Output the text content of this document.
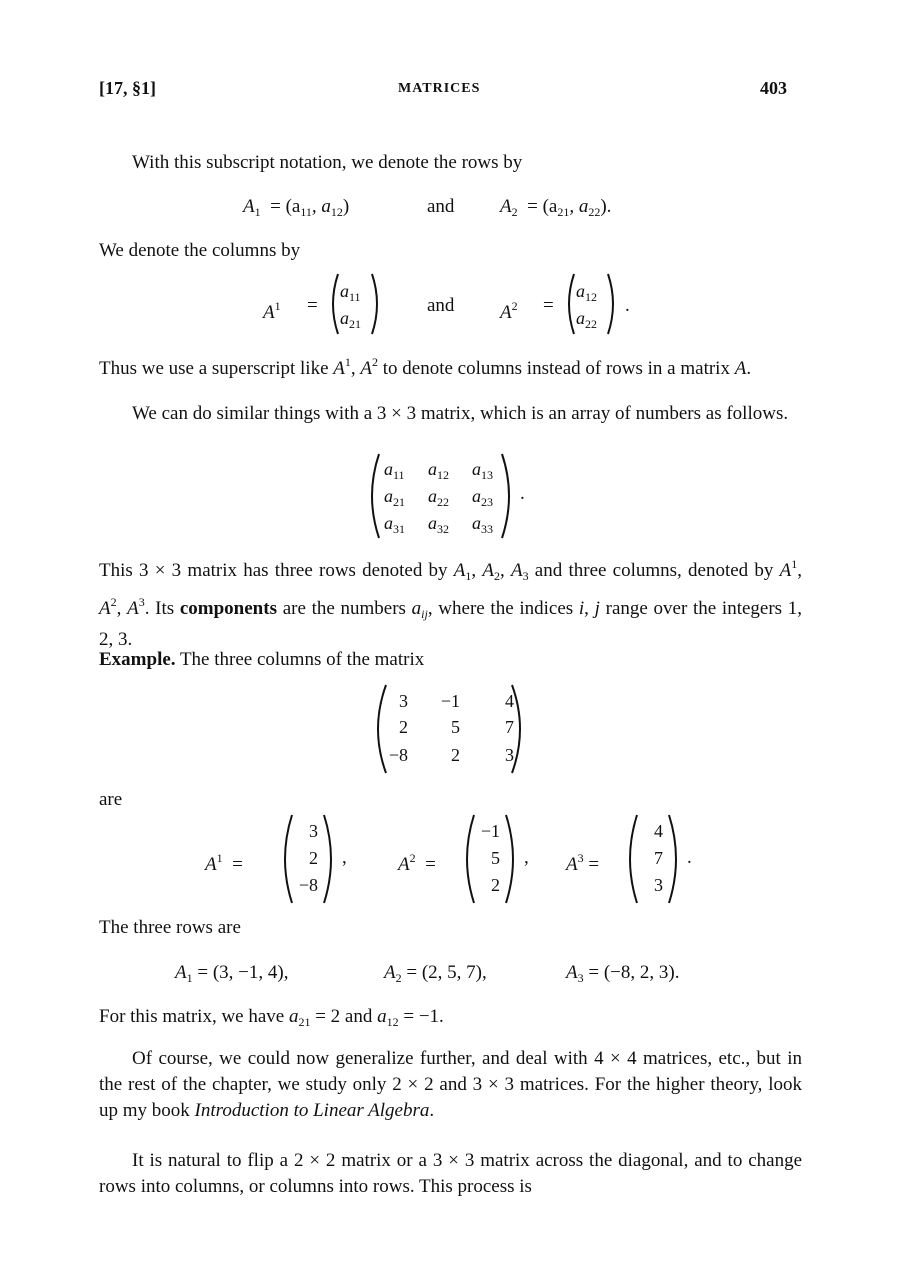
[17, §1]	MATRICES	403
With this subscript notation, we denote the rows by
$A_1 = (a_{11}$, $a_{12}$)	and $A_2 = (a_{21}$, $a_{22}$).
We denote the columns by
$A^1$ =
$a_{11}$
$a_{21}$
and $A^2$ =
$a_{12}$
$a_{22}$
.
Thus we use a superscript like $A^1$, $A^2$ to denote columns instead of rows in a matrix A.
We can do similar things with a 3 × 3 matrix, which is an array of numbers as follows.
$a_{11}$ $a_{12}$ $a_{13}$
$a_{21}$ $a_{22}$ $a_{23}$
$a_{31}$ $a_{32}$ $a_{33}$
.
This 3 × 3 matrix has three rows denoted by $A_1$, $A_2$, $A_3$ and three columns, denoted by $A^1$, $A^2$, $A^3$. Its components are the numbers $a_{ij}$, where the indices i, j range over the integers 1, 2, 3.
Example. The three columns of the matrix
3	−1	4
2	5	7
−8	2	3
are
$A^1$ =
3
2
−8
,	$A^2$ =
−1
5
2
, $A^3$ =
4
7
3
.
The three rows are
$A_1 = (3$, −1, 4),	$A_2 = (2$, 5, 7),	$A_3 = (-8$, 2, 3).
For this matrix, we have $a_{21} = 2$ and $a_{12} = -1$.
Of course, we could now generalize further, and deal with 4 × 4 matrices, etc., but in the rest of the chapter, we study only 2 × 2 and 3 × 3 matrices. For the higher theory, look up my book Introduction to Linear Algebra.
It is natural to flip a 2 × 2 matrix or a 3 × 3 matrix across the diagonal, and to change rows into columns, or columns into rows. This process is
